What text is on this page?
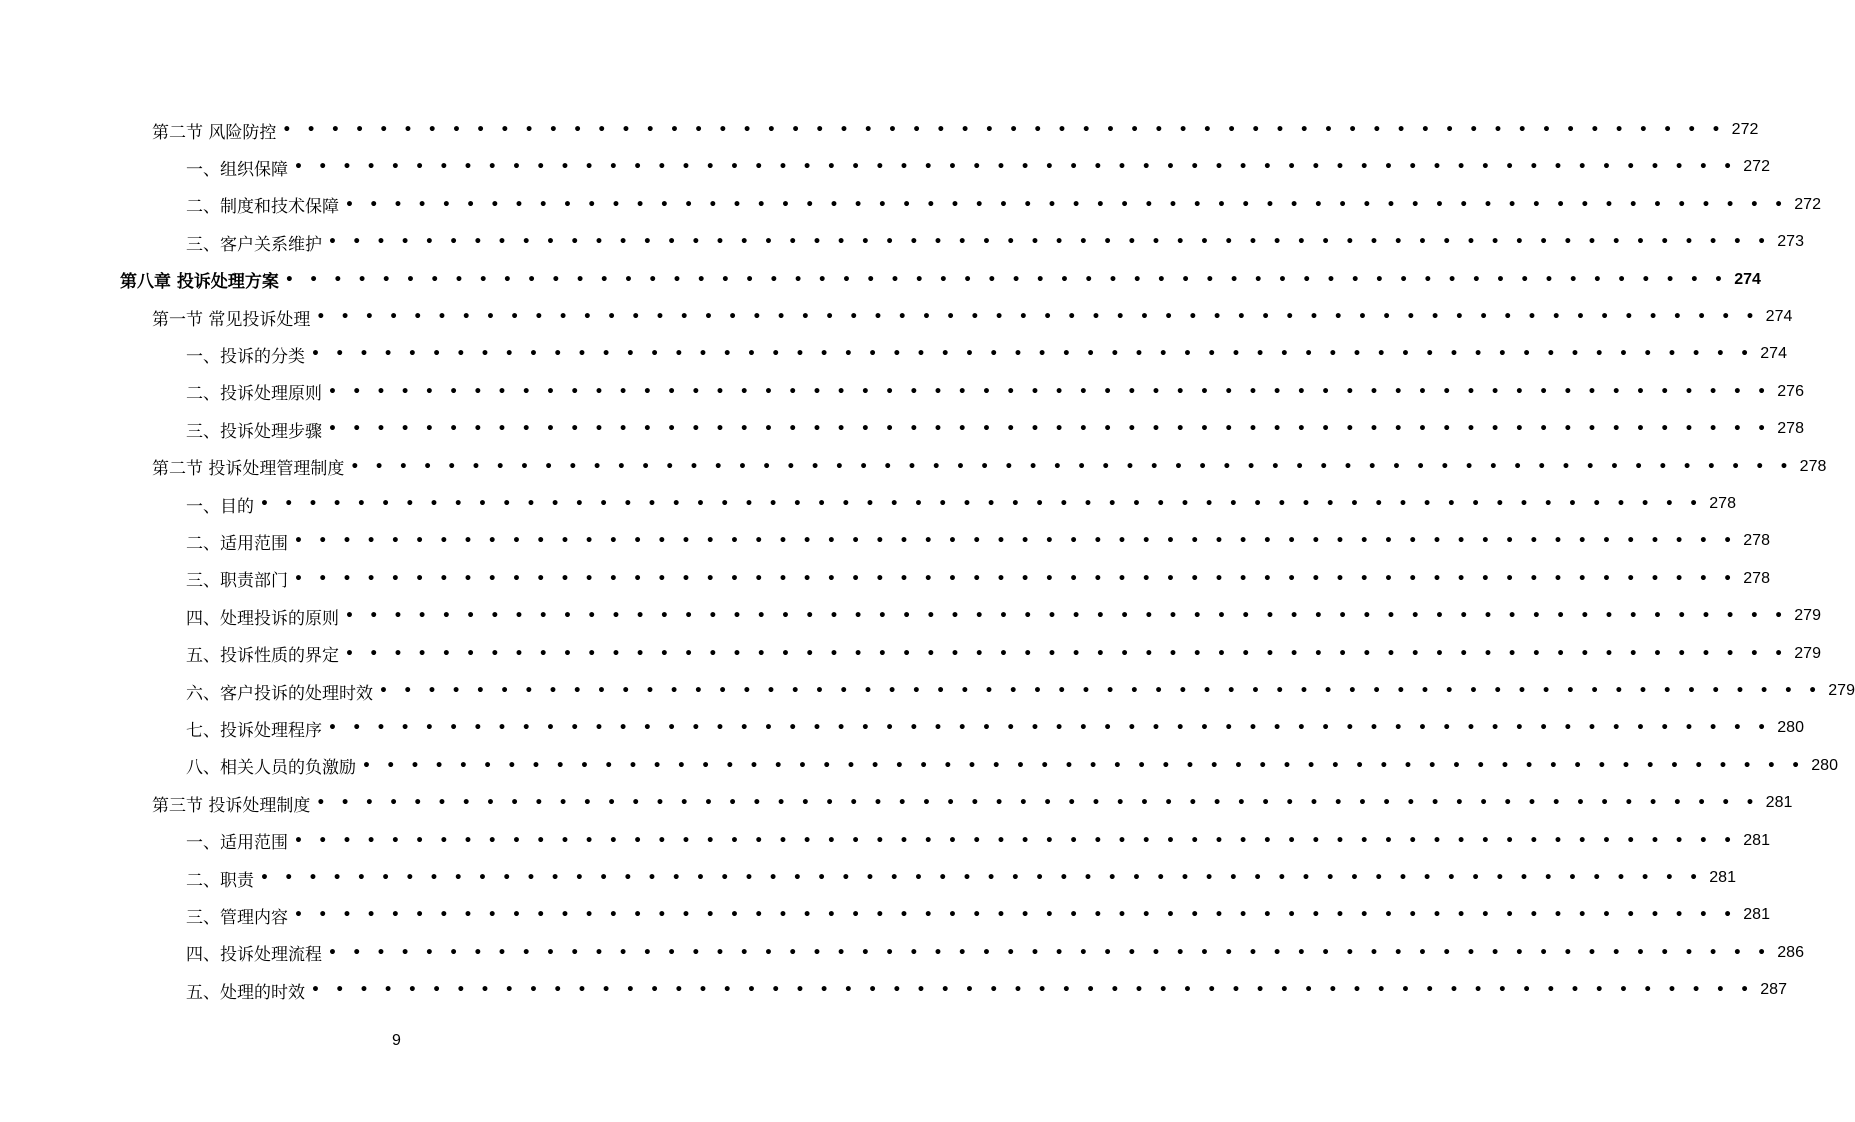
第二节 风险防控 • • • • • • • • • • • • • • • • • • • • • • • • • • • • • • • • • • • • • • • • • • • • • • • • • • • • • • • • • • • • 272
一、组织保障 • • • • • • • • • • • • • • • • • • • • • • • • • • • • • • • • • • • • • • • • • • • • • • • • • • • • • • • • • • • • 272
二、制度和技术保障 • • • • • • • • • • • • • • • • • • • • • • • • • • • • • • • • • • • • • • • • • • • • • • • • • • • • • • • • • • • • 272
三、客户关系维护 • • • • • • • • • • • • • • • • • • • • • • • • • • • • • • • • • • • • • • • • • • • • • • • • • • • • • • • • • • • • 273
第八章 投诉处理方案 • • • • • • • • • • • • • • • • • • • • • • • • • • • • • • • • • • • • • • • • • • • • • • • • • • • • • • • • • • • • 274
第一节 常见投诉处理 • • • • • • • • • • • • • • • • • • • • • • • • • • • • • • • • • • • • • • • • • • • • • • • • • • • • • • • • • • • • 274
一、投诉的分类 • • • • • • • • • • • • • • • • • • • • • • • • • • • • • • • • • • • • • • • • • • • • • • • • • • • • • • • • • • • • 274
二、投诉处理原则 • • • • • • • • • • • • • • • • • • • • • • • • • • • • • • • • • • • • • • • • • • • • • • • • • • • • • • • • • • • • 276
三、投诉处理步骤 • • • • • • • • • • • • • • • • • • • • • • • • • • • • • • • • • • • • • • • • • • • • • • • • • • • • • • • • • • • • 278
第二节 投诉处理管理制度 • • • • • • • • • • • • • • • • • • • • • • • • • • • • • • • • • • • • • • • • • • • • • • • • • • • • • • • • • • • • 278
一、目的 • • • • • • • • • • • • • • • • • • • • • • • • • • • • • • • • • • • • • • • • • • • • • • • • • • • • • • • • • • • • 278
二、适用范围 • • • • • • • • • • • • • • • • • • • • • • • • • • • • • • • • • • • • • • • • • • • • • • • • • • • • • • • • • • • • 278
三、职责部门 • • • • • • • • • • • • • • • • • • • • • • • • • • • • • • • • • • • • • • • • • • • • • • • • • • • • • • • • • • • • 278
四、处理投诉的原则 • • • • • • • • • • • • • • • • • • • • • • • • • • • • • • • • • • • • • • • • • • • • • • • • • • • • • • • • • • • • 279
五、投诉性质的界定 • • • • • • • • • • • • • • • • • • • • • • • • • • • • • • • • • • • • • • • • • • • • • • • • • • • • • • • • • • • • 279
六、客户投诉的处理时效 • • • • • • • • • • • • • • • • • • • • • • • • • • • • • • • • • • • • • • • • • • • • • • • • • • • • • • • • • • • • 279
七、投诉处理程序 • • • • • • • • • • • • • • • • • • • • • • • • • • • • • • • • • • • • • • • • • • • • • • • • • • • • • • • • • • • • 280
八、相关人员的负激励 • • • • • • • • • • • • • • • • • • • • • • • • • • • • • • • • • • • • • • • • • • • • • • • • • • • • • • • • • • • • 280
第三节 投诉处理制度 • • • • • • • • • • • • • • • • • • • • • • • • • • • • • • • • • • • • • • • • • • • • • • • • • • • • • • • • • • • • 281
一、适用范围 • • • • • • • • • • • • • • • • • • • • • • • • • • • • • • • • • • • • • • • • • • • • • • • • • • • • • • • • • • • • 281
二、职责 • • • • • • • • • • • • • • • • • • • • • • • • • • • • • • • • • • • • • • • • • • • • • • • • • • • • • • • • • • • • 281
三、管理内容 • • • • • • • • • • • • • • • • • • • • • • • • • • • • • • • • • • • • • • • • • • • • • • • • • • • • • • • • • • • • 281
四、投诉处理流程 • • • • • • • • • • • • • • • • • • • • • • • • • • • • • • • • • • • • • • • • • • • • • • • • • • • • • • • • • • • • 286
五、处理的时效 • • • • • • • • • • • • • • • • • • • • • • • • • • • • • • • • • • • • • • • • • • • • • • • • • • • • • • • • • • • • 287
9
